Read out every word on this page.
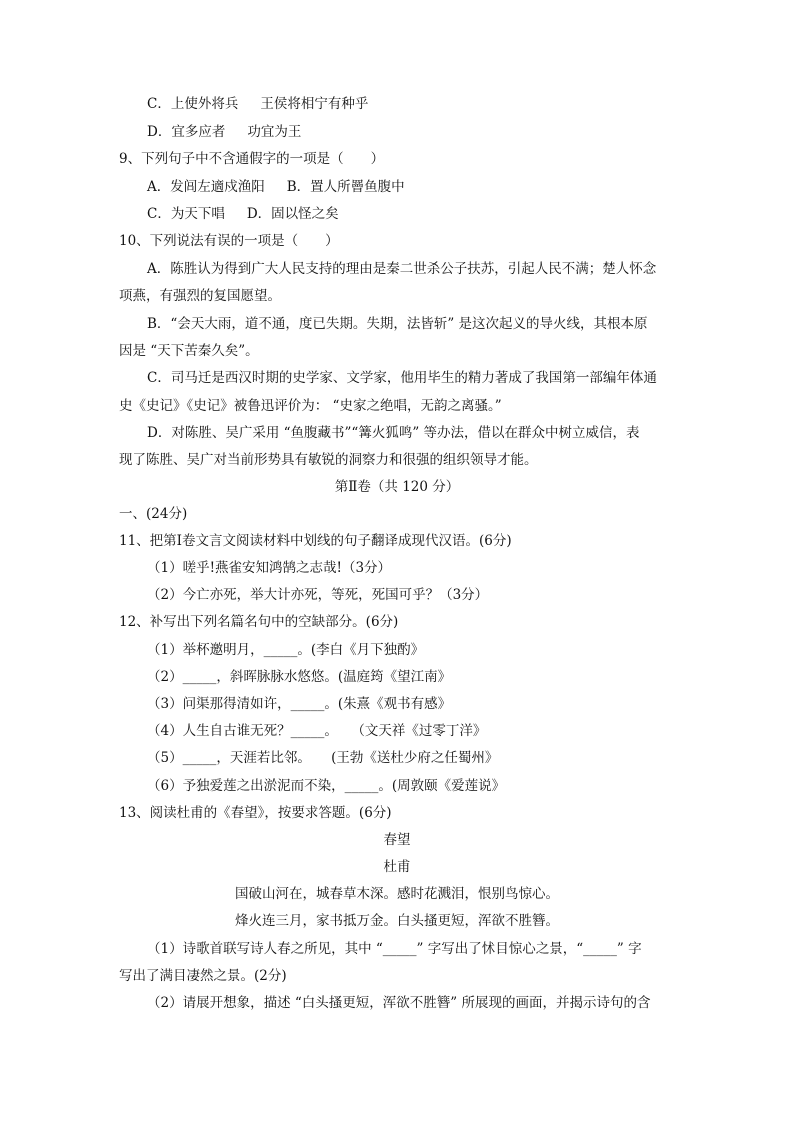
C．上使外将兵 王侯将相宁有种乎
D．宜多应者 功宜为王
9、下列句子中不含通假字的一项是（　　）
A．发闾左適戍渔阳 B．置人所罾鱼腹中
C．为天下唱 D．固以怪之矣
10、下列说法有误的一项是（　　）
A．陈胜认为得到广大人民支持的理由是秦二世杀公子扶苏，引起人民不满；楚人怀念
项燕，有强烈的复国愿望。
B．“会天大雨，道不通，度已失期。失期，法皆斩” 是这次起义的导火线，其根本原
因是 “天下苦秦久矣”。
C．司马迁是西汉时期的史学家、文学家，他用毕生的精力著成了我国第一部编年体通
史《史记》《史记》被鲁迅评价为： “史家之绝唱，无韵之离骚。”
D．对陈胜、吴广采用 “鱼腹藏书”“篝火狐鸣” 等办法，借以在群众中树立威信，表
现了陈胜、吴广对当前形势具有敏锐的洞察力和很强的组织领导才能。
第Ⅱ卷（共 120 分）
一、(24分)
11、把第Ⅰ卷文言文阅读材料中划线的句子翻译成现代汉语。(6分)
（1）嗟乎!燕雀安知鸿鹄之志哉!（3分）
（2）今亡亦死，举大计亦死，等死，死国可乎？（3分）
12、补写出下列名篇名句中的空缺部分。(6分)
（1）举杯邀明月，_____。(李白《月下独酌》
（2）_____，斜晖脉脉水悠悠。(温庭筠《望江南》
（3）问渠那得清如许，_____。(朱熹《观书有感》
（4）人生自古谁无死？_____。　　（文天祥《过零丁洋》
（5）_____，天涯若比邻。　　(王勃《送杜少府之任蜀州》
（6）予独爱莲之出淤泥而不染，_____。(周敦颐《爱莲说》
13、阅读杜甫的《春望》，按要求答题。(6分)
春望
杜甫
国破山河在，城春草木深。感时花溅泪，恨别鸟惊心。
烽火连三月，家书抵万金。白头搔更短，浑欲不胜簪。
（1）诗歌首联写诗人春之所见，其中 “_____” 字写出了怵目惊心之景，“_____” 字
写出了满目凄然之景。(2分)
（2）请展开想象，描述 “白头搔更短，浑欲不胜簪” 所展现的画面，并揭示诗句的含
